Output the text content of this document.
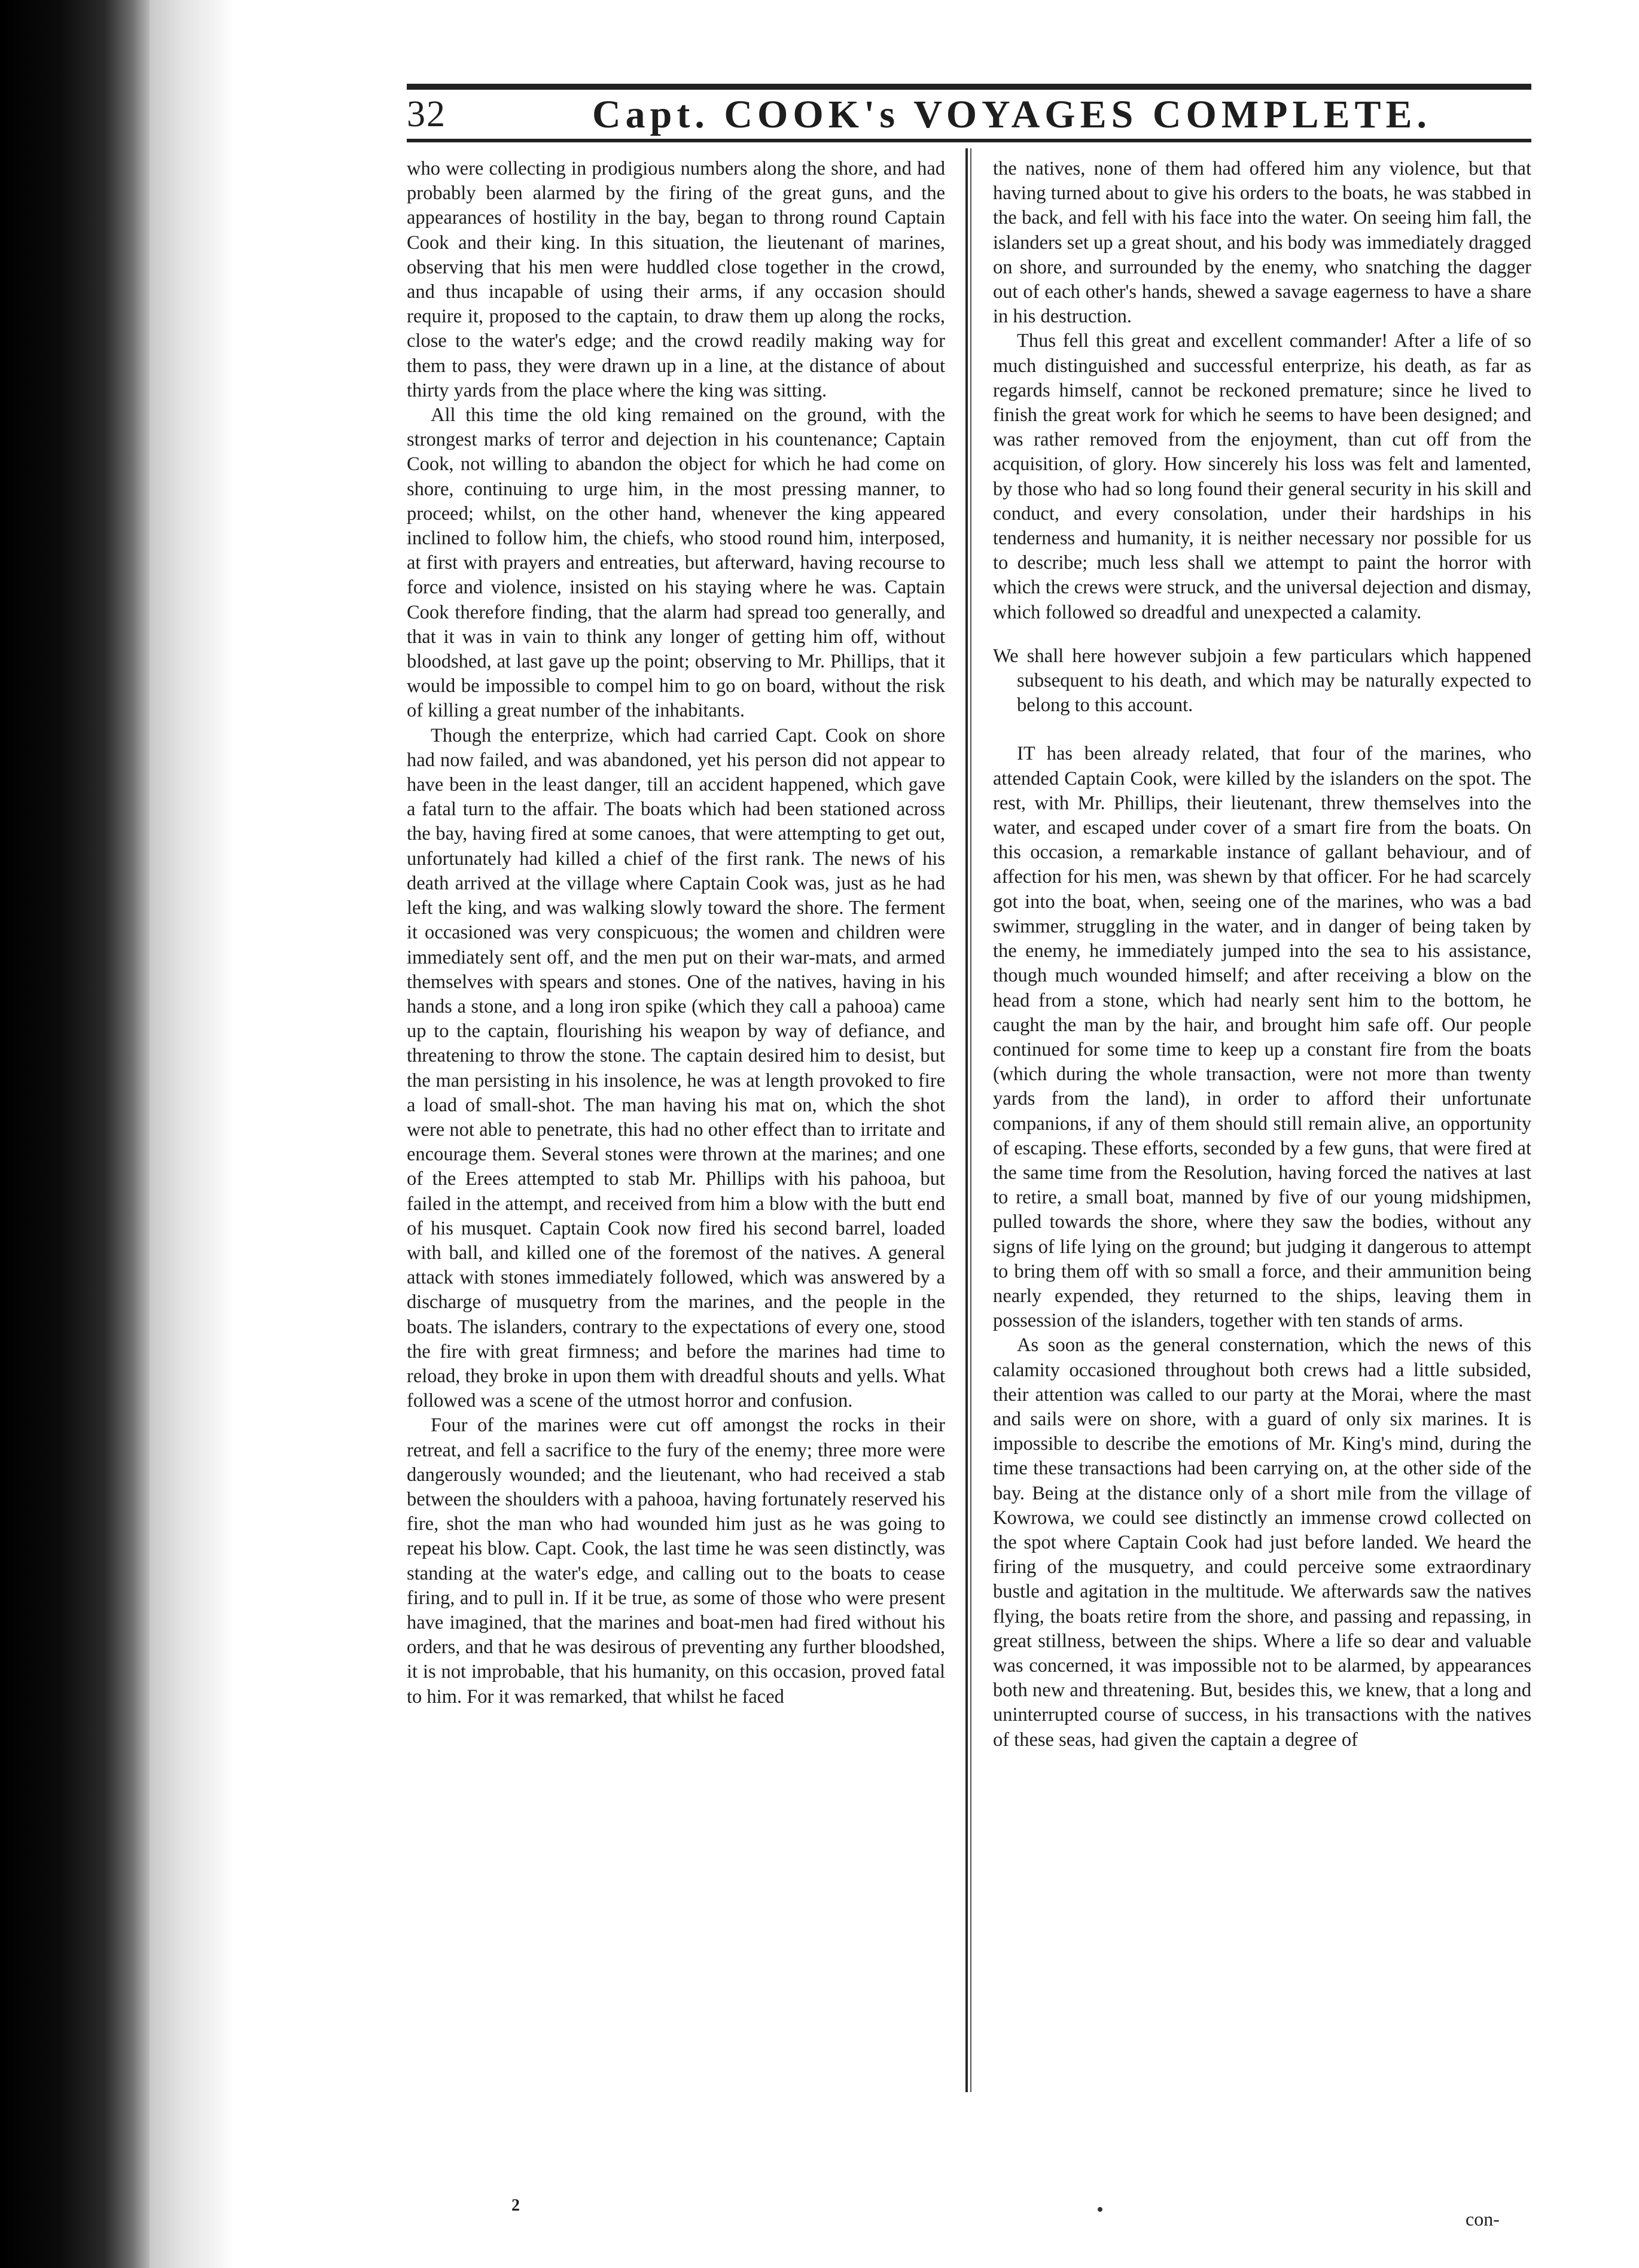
32	Capt. COOK's VOYAGES COMPLETE.

who were collecting in prodigious numbers along the shore, and had probably been alarmed by the firing of the great guns, and the appearances of hostility in the bay, began to throng round Captain Cook and their king. In this situation, the lieutenant of marines, observing that his men were huddled close together in the crowd, and thus incapable of using their arms, if any occasion should require it, proposed to the captain, to draw them up along the rocks, close to the water's edge; and the crowd readily making way for them to pass, they were drawn up in a line, at the distance of about thirty yards from the place where the king was sitting.

All this time the old king remained on the ground, with the strongest marks of terror and dejection in his countenance; Captain Cook, not willing to abandon the object for which he had come on shore, continuing to urge him, in the most pressing manner, to proceed; whilst, on the other hand, whenever the king appeared inclined to follow him, the chiefs, who stood round him, interposed, at first with prayers and entreaties, but afterward, having recourse to force and violence, insisted on his staying where he was. Captain Cook therefore finding, that the alarm had spread too generally, and that it was in vain to think any longer of getting him off, without bloodshed, at last gave up the point; observing to Mr. Phillips, that it would be impossible to compel him to go on board, without the risk of killing a great number of the inhabitants.

Though the enterprize, which had carried Capt. Cook on shore had now failed, and was abandoned, yet his person did not appear to have been in the least danger, till an accident happened, which gave a fatal turn to the affair. The boats which had been stationed across the bay, having fired at some canoes, that were attempting to get out, unfortunately had killed a chief of the first rank. The news of his death arrived at the village where Captain Cook was, just as he had left the king, and was walking slowly toward the shore. The ferment it occasioned was very conspicuous; the women and children were immediately sent off, and the men put on their war-mats, and armed themselves with spears and stones. One of the natives, having in his hands a stone, and a long iron spike (which they call a pahooa) came up to the captain, flourishing his weapon by way of defiance, and threatening to throw the stone. The captain desired him to desist, but the man persisting in his insolence, he was at length provoked to fire a load of small-shot. The man having his mat on, which the shot were not able to penetrate, this had no other effect than to irritate and encourage them. Several stones were thrown at the marines; and one of the Erees attempted to stab Mr. Phillips with his pahooa, but failed in the attempt, and received from him a blow with the butt end of his musquet. Captain Cook now fired his second barrel, loaded with ball, and killed one of the foremost of the natives. A general attack with stones immediately followed, which was answered by a discharge of musquetry from the marines, and the people in the boats. The islanders, contrary to the expectations of every one, stood the fire with great firmness; and before the marines had time to reload, they broke in upon them with dreadful shouts and yells. What followed was a scene of the utmost horror and confusion.

Four of the marines were cut off amongst the rocks in their retreat, and fell a sacrifice to the fury of the enemy; three more were dangerously wounded; and the lieutenant, who had received a stab between the shoulders with a pahooa, having fortunately reserved his fire, shot the man who had wounded him just as he was going to repeat his blow. Capt. Cook, the last time he was seen distinctly, was standing at the water's edge, and calling out to the boats to cease firing, and to pull in. If it be true, as some of those who were present have imagined, that the marines and boat-men had fired without his orders, and that he was desirous of preventing any further bloodshed, it is not improbable, that his humanity, on this occasion, proved fatal to him. For it was remarked, that whilst he faced

the natives, none of them had offered him any violence, but that having turned about to give his orders to the boats, he was stabbed in the back, and fell with his face into the water. On seeing him fall, the islanders set up a great shout, and his body was immediately dragged on shore, and surrounded by the enemy, who snatching the dagger out of each other's hands, shewed a savage eagerness to have a share in his destruction.

Thus fell this great and excellent commander! After a life of so much distinguished and successful enterprize, his death, as far as regards himself, cannot be reckoned premature; since he lived to finish the great work for which he seems to have been designed; and was rather removed from the enjoyment, than cut off from the acquisition, of glory. How sincerely his loss was felt and lamented, by those who had so long found their general security in his skill and conduct, and every consolation, under their hardships in his tenderness and humanity, it is neither necessary nor possible for us to describe; much less shall we attempt to paint the horror with which the crews were struck, and the universal dejection and dismay, which followed so dreadful and unexpected a calamity.

We shall here however subjoin a few particulars which happened subsequent to his death, and which may be naturally expected to belong to this account.

IT has been already related, that four of the marines, who attended Captain Cook, were killed by the islanders on the spot. The rest, with Mr. Phillips, their lieutenant, threw themselves into the water, and escaped under cover of a smart fire from the boats. On this occasion, a remarkable instance of gallant behaviour, and of affection for his men, was shewn by that officer. For he had scarcely got into the boat, when, seeing one of the marines, who was a bad swimmer, struggling in the water, and in danger of being taken by the enemy, he immediately jumped into the sea to his assistance, though much wounded himself; and after receiving a blow on the head from a stone, which had nearly sent him to the bottom, he caught the man by the hair, and brought him safe off. Our people continued for some time to keep up a constant fire from the boats (which during the whole transaction, were not more than twenty yards from the land), in order to afford their unfortunate companions, if any of them should still remain alive, an opportunity of escaping. These efforts, seconded by a few guns, that were fired at the same time from the Resolution, having forced the natives at last to retire, a small boat, manned by five of our young midshipmen, pulled towards the shore, where they saw the bodies, without any signs of life lying on the ground; but judging it dangerous to attempt to bring them off with so small a force, and their ammunition being nearly expended, they returned to the ships, leaving them in possession of the islanders, together with ten stands of arms.

As soon as the general consternation, which the news of this calamity occasioned throughout both crews had a little subsided, their attention was called to our party at the Morai, where the mast and sails were on shore, with a guard of only six marines. It is impossible to describe the emotions of Mr. King's mind, during the time these transactions had been carrying on, at the other side of the bay. Being at the distance only of a short mile from the village of Kowrowa, we could see distinctly an immense crowd collected on the spot where Captain Cook had just before landed. We heard the firing of the musquetry, and could perceive some extraordinary bustle and agitation in the multitude. We afterwards saw the natives flying, the boats retire from the shore, and passing and repassing, in great stillness, between the ships. Where a life so dear and valuable was concerned, it was impossible not to be alarmed, by appearances both new and threatening. But, besides this, we knew, that a long and uninterrupted course of success, in his transactions with the natives of these seas, had given the captain a degree of

2
con-
